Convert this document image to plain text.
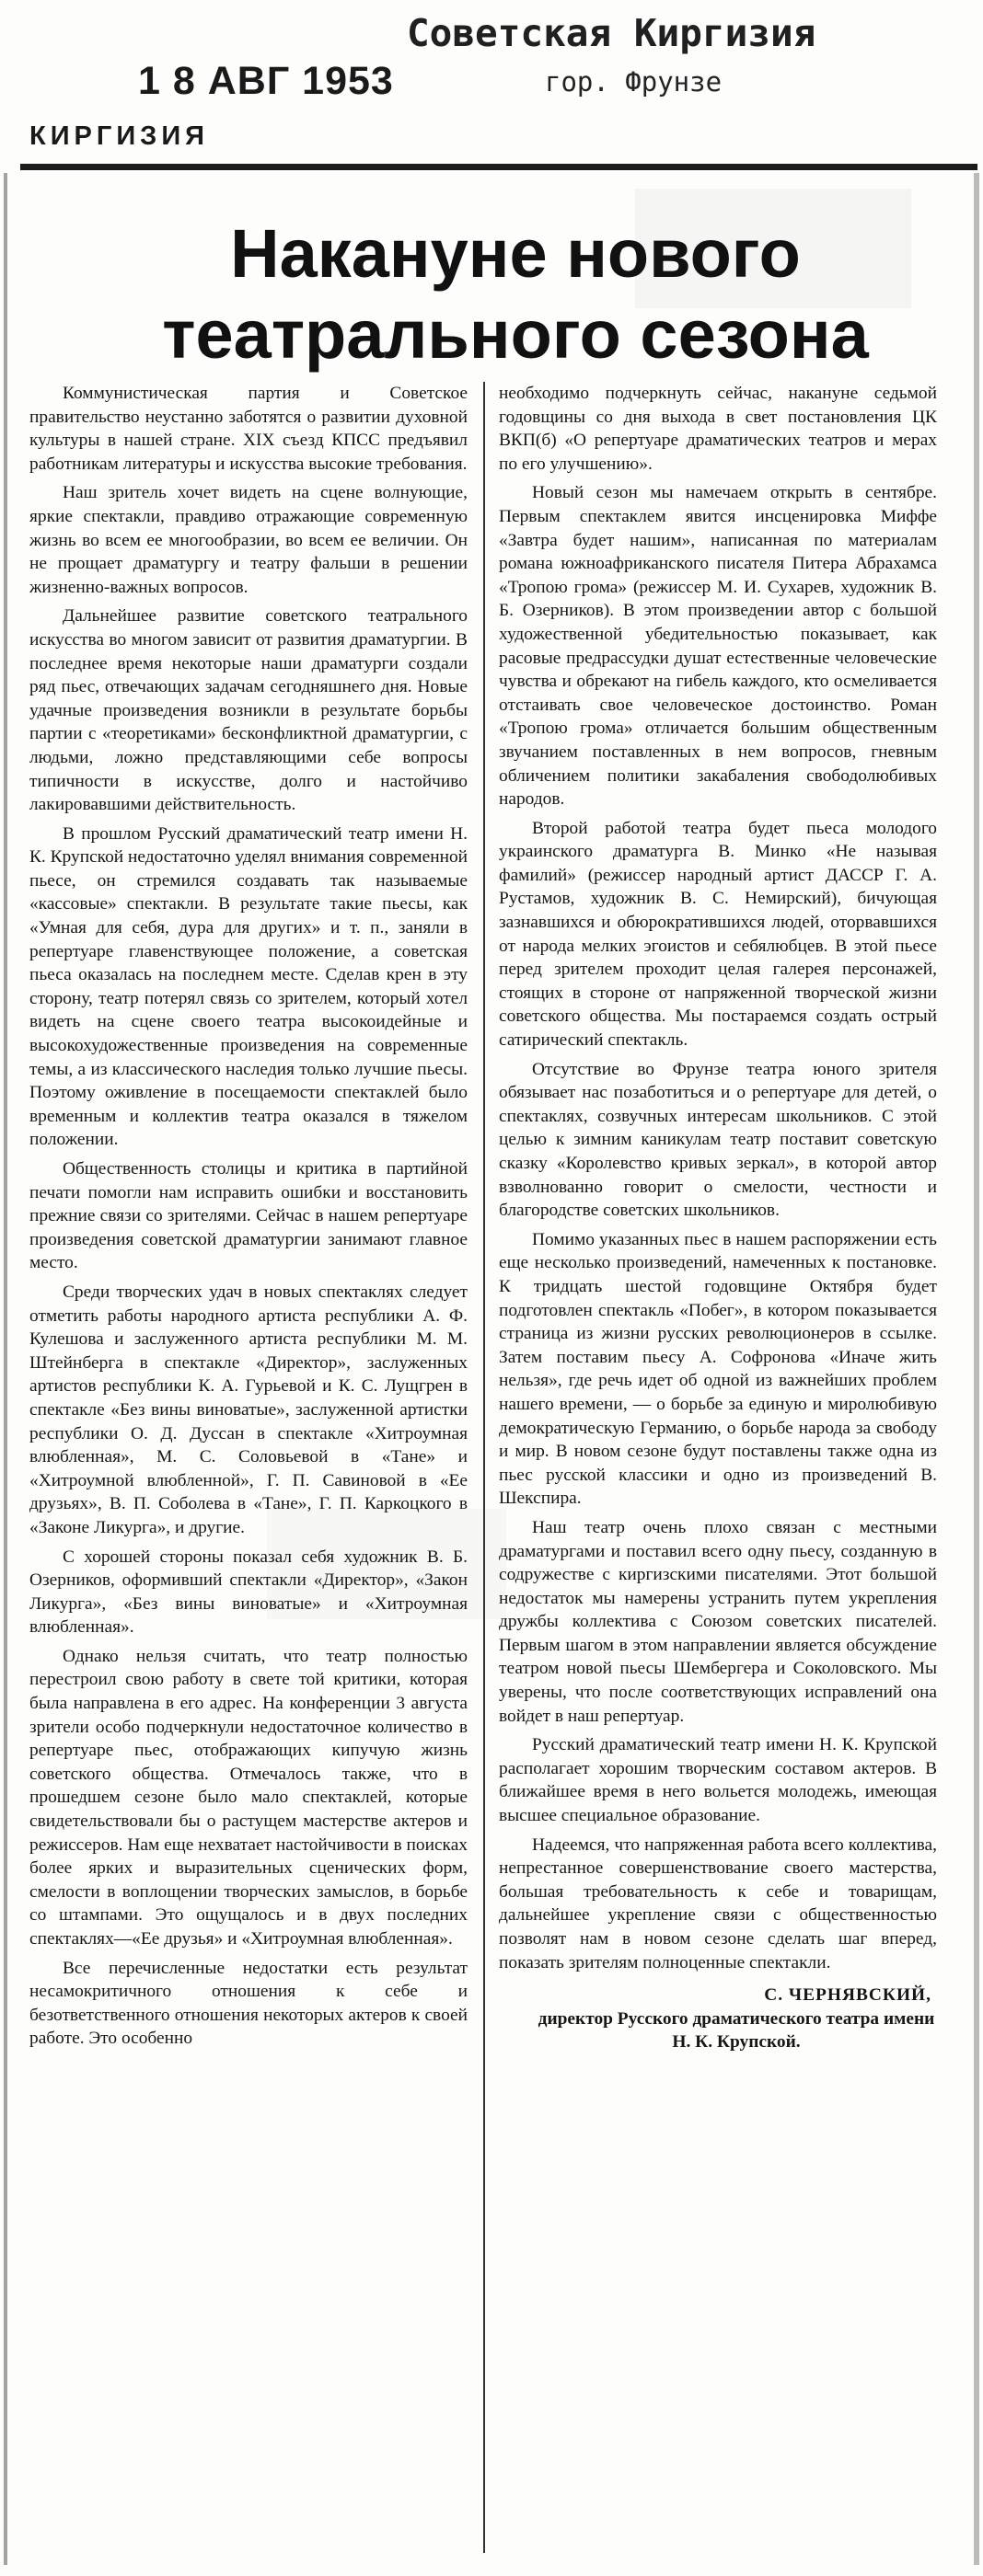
1 8 АВГ 1953
Советская Киргизия
гор. Фрунзе
КИРГИЗИЯ
Накануне нового
театрального сезона

Коммунистическая партия и Советское правительство неустанно заботятся о развитии духовной культуры в нашей стране. XIX съезд КПСС предъявил работникам литературы и искусства высокие требования.

Наш зритель хочет видеть на сцене волнующие, яркие спектакли, правдиво отражающие современную жизнь во всем ее многообразии, во всем ее величии. Он не прощает драматургу и театру фальши в решении жизненно-важных вопросов.

Дальнейшее развитие советского театрального искусства во многом зависит от развития драматургии. В последнее время некоторые наши драматурги создали ряд пьес, отвечающих задачам сегодняшнего дня. Новые удачные произведения возникли в результате борьбы партии с «теоретиками» бесконфликтной драматургии, с людьми, ложно представляющими себе вопросы типичности в искусстве, долго и настойчиво лакировавшими действительность.

В прошлом Русский драматический театр имени Н. К. Крупской недостаточно уделял внимания современной пьесе, он стремился создавать так называемые «кассовые» спектакли. В результате такие пьесы, как «Умная для себя, дура для других» и т. п., заняли в репертуаре главенствующее положение, а советская пьеса оказалась на последнем месте. Сделав крен в эту сторону, театр потерял связь со зрителем, который хотел видеть на сцене своего театра высокоидейные и высокохудожественные произведения на современные темы, а из классического наследия только лучшие пьесы. Поэтому оживление в посещаемости спектаклей было временным и коллектив театра оказался в тяжелом положении.

Общественность столицы и критика в партийной печати помогли нам исправить ошибки и восстановить прежние связи со зрителями. Сейчас в нашем репертуаре произведения советской драматургии занимают главное место.

Среди творческих удач в новых спектаклях следует отметить работы народного артиста республики А. Ф. Кулешова и заслуженного артиста республики М. М. Штейнберга в спектакле «Директор», заслуженных артистов республики К. А. Гурьевой и К. С. Лущгрен в спектакле «Без вины виноватые», заслуженной артистки республики О. Д. Дуссан в спектакле «Хитроумная влюбленная», М. С. Соловьевой в «Тане» и «Хитроумной влюбленной», Г. П. Савиновой в «Ее друзьях», В. П. Соболева в «Тане», Г. П. Каркоцкого в «Законе Ликурга», и другие.

С хорошей стороны показал себя художник В. Б. Озерников, оформивший спектакли «Директор», «Закон Ликурга», «Без вины виноватые» и «Хитроумная влюбленная».

Однако нельзя считать, что театр полностью перестроил свою работу в свете той критики, которая была направлена в его адрес. На конференции 3 августа зрители особо подчеркнули недостаточное количество в репертуаре пьес, отображающих кипучую жизнь советского общества. Отмечалось также, что в прошедшем сезоне было мало спектаклей, которые свидетельствовали бы о растущем мастерстве актеров и режиссеров. Нам еще нехватает настойчивости в поисках более ярких и выразительных сценических форм, смелости в воплощении творческих замыслов, в борьбе со штампами. Это ощущалось и в двух последних спектаклях—«Ее друзья» и «Хитроумная влюбленная».

Все перечисленные недостатки есть результат несамокритичного отношения к себе и безответственного отношения некоторых актеров к своей работе. Это особенно

необходимо подчеркнуть сейчас, накануне седьмой годовщины со дня выхода в свет постановления ЦК ВКП(б) «О репертуаре драматических театров и мерах по его улучшению».

Новый сезон мы намечаем открыть в сентябре. Первым спектаклем явится инсценировка Миффе «Завтра будет нашим», написанная по материалам романа южноафриканского писателя Питера Абрахамса «Тропою грома» (режиссер М. И. Сухарев, художник В. Б. Озерников). В этом произведении автор с большой художественной убедительностью показывает, как расовые предрассудки душат естественные человеческие чувства и обрекают на гибель каждого, кто осмеливается отстаивать свое человеческое достоинство. Роман «Тропою грома» отличается большим общественным звучанием поставленных в нем вопросов, гневным обличением политики закабаления свободолюбивых народов.

Второй работой театра будет пьеса молодого украинского драматурга В. Минко «Не называя фамилий» (режиссер народный артист ДАССР Г. А. Рустамов, художник В. С. Немирский), бичующая зазнавшихся и обюрократившихся людей, оторвавшихся от народа мелких эгоистов и себялюбцев. В этой пьесе перед зрителем проходит целая галерея персонажей, стоящих в стороне от напряженной творческой жизни советского общества. Мы постараемся создать острый сатирический спектакль.

Отсутствие во Фрунзе театра юного зрителя обязывает нас позаботиться и о репертуаре для детей, о спектаклях, созвучных интересам школьников. С этой целью к зимним каникулам театр поставит советскую сказку «Королевство кривых зеркал», в которой автор взволнованно говорит о смелости, честности и благородстве советских школьников.

Помимо указанных пьес в нашем распоряжении есть еще несколько произведений, намеченных к постановке. К тридцать шестой годовщине Октября будет подготовлен спектакль «Побег», в котором показывается страница из жизни русских революционеров в ссылке. Затем поставим пьесу А. Софронова «Иначе жить нельзя», где речь идет об одной из важнейших проблем нашего времени, — о борьбе за единую и миролюбивую демократическую Германию, о борьбе народа за свободу и мир. В новом сезоне будут поставлены также одна из пьес русской классики и одно из произведений В. Шекспира.

Наш театр очень плохо связан с местными драматургами и поставил всего одну пьесу, созданную в содружестве с киргизскими писателями. Этот большой недостаток мы намерены устранить путем укрепления дружбы коллектива с Союзом советских писателей. Первым шагом в этом направлении является обсуждение театром новой пьесы Шембергера и Соколовского. Мы уверены, что после соответствующих исправлений она войдет в наш репертуар.

Русский драматический театр имени Н. К. Крупской располагает хорошим творческим составом актеров. В ближайшее время в него вольется молодежь, имеющая высшее специальное образование.

Надеемся, что напряженная работа всего коллектива, непрестанное совершенствование своего мастерства, большая требовательность к себе и товарищам, дальнейшее укрепление связи с общественностью позволят нам в новом сезоне сделать шаг вперед, показать зрителям полноценные спектакли.

С. ЧЕРНЯВСКИЙ,
директор Русского драматического театра имени Н. К. Крупской.
